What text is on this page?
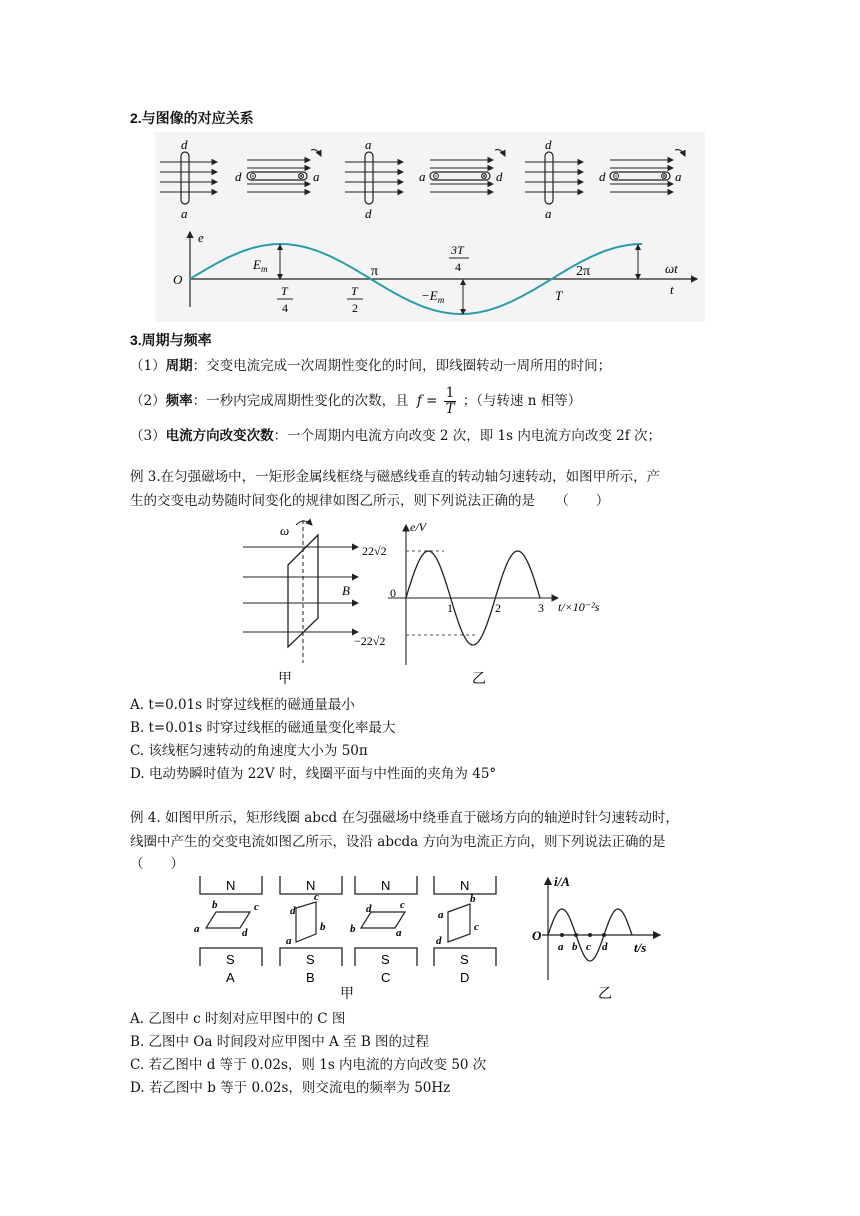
2.与图像的对应关系
d
a
d	a
a
d
a	d
d
a
d	a
e
O
$E_m$
$-E_m$
π	2π	ωt
t
T
T
4
T
2
3T
4
3.周期与频率
（1）周期：交变电流完成一次周期性变化的时间，即线圈转动一周所用的时间；
（2）频率：一秒内完成周期性变化的次数，且 $f = \frac{1}{T}$ ；（与转速 n 相等）
（3）电流方向改变次数：一个周期内电流方向改变 2 次，即 1s 内电流方向改变 2f 次；
例 3.在匀强磁场中，一矩形金属线框绕与磁感线垂直的转动轴匀速转动，如图甲所示，产
生的交变电动势随时间变化的规律如图乙所示，则下列说法正确的是　　（　　）
ω
B
甲
e/V
22√2
−22√2
0
1	2	3 t/×10⁻²s
乙
A. t=0.01s 时穿过线框的磁通量最小
B. t=0.01s 时穿过线框的磁通量变化率最大
C. 该线框匀速转动的角速度大小为 50π
D. 电动势瞬时值为 22V 时，线圈平面与中性面的夹角为 45°
例 4. 如图甲所示，矩形线圈 abcd 在匀强磁场中绕垂直于磁场方向的轴逆时针匀速转动时，
线圈中产生的交变电流如图乙所示，设沿 abcda 方向为电流正方向，则下列说法正确的是
（　　）
N
b	c
a	d
S
A
N
d
c
b
a
S
B
N
d	c
b	a
S
C
N
a
b
c
d
S
D
甲
i/A
O
a b c d t/s
乙
A. 乙图中 c 时刻对应甲图中的 C 图
B. 乙图中 Oa 时间段对应甲图中 A 至 B 图的过程
C. 若乙图中 d 等于 0.02s，则 1s 内电流的方向改变 50 次
D. 若乙图中 b 等于 0.02s，则交流电的频率为 50Hz
